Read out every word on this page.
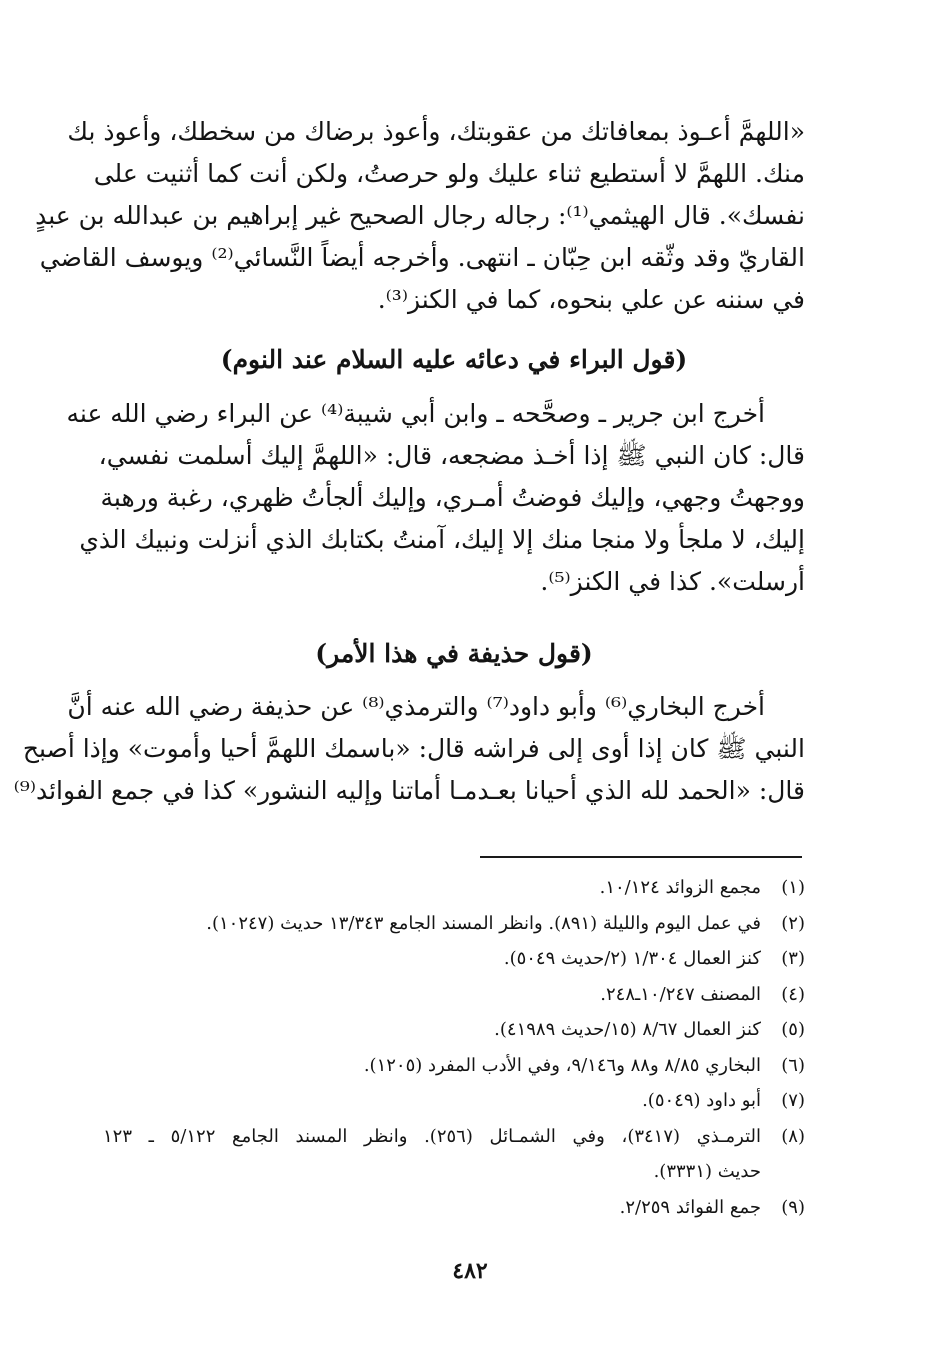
«اللهمَّ أعـوذ بمعافاتك من عقوبتك، وأعوذ برضاك من سخطك، وأعوذ بك
منك. اللهمَّ لا أستطيع ثناء عليك ولو حرصتُ، ولكن أنت كما أثنيت على
نفسك». قال الهيثمي⁽¹⁾: رجاله رجال الصحيح غير إبراهيم بن عبدالله بن عبدٍ
القاريّ وقد وثّقه ابن حِبّان ـ انتهى. وأخرجه أيضاً النَّسائي⁽²⁾ ويوسف القاضي
في سننه عن علي بنحوه، كما في الكنز⁽³⁾.
(قول البراء في دعائه عليه السلام عند النوم)
أخرج ابن جرير ـ وصحَّحه ـ وابن أبي شيبة⁽⁴⁾ عن البراء رضي الله عنه
قال: كان النبي ﷺ إذا أخـذ مضجعه، قال: «اللهمَّ إليك أسلمت نفسي،
ووجهتُ وجهي، وإليك فوضتُ أمـري، وإليك ألجأتُ ظهري، رغبة ورهبة
إليك، لا ملجأ ولا منجا منك إلا إليك، آمنتُ بكتابك الذي أنزلت ونبيك الذي
أرسلت». كذا في الكنز⁽⁵⁾.
(قول حذيفة في هذا الأمر)
أخرج البخاري⁽⁶⁾ وأبو داود⁽⁷⁾ والترمذي⁽⁸⁾ عن حذيفة رضي الله عنه أنَّ
النبي ﷺ كان إذا أوى إلى فراشه قال: «باسمك اللهمَّ أحيا وأموت» وإذا أصبح
قال: «الحمد لله الذي أحيانا بعـدمـا أماتنا وإليه النشور» كذا في جمع الفوائد⁽⁹⁾
(١)
مجمع الزوائد ١٠/١٢٤.
(٢)
في عمل اليوم والليلة (٨٩١). وانظر المسند الجامع ١٣/٣٤٣ حديث (١٠٢٤٧).
(٣)
كنز العمال ١/٣٠٤ (٢/حديث ٥٠٤٩).
(٤)
المصنف ١٠/٢٤٧ـ٢٤٨.
(٥)
كنز العمال ٨/٦٧ (١٥/حديث ٤١٩٨٩).
(٦)
البخاري ٨/٨٥ و٨٨ و٩/١٤٦، وفي الأدب المفرد (١٢٠٥).
(٧)
أبو داود (٥٠٤٩).
(٨)
الترمـذي (٣٤١٧)، وفي الشمـائل (٢٥٦). وانظر المسند الجامع ٥/١٢٢ ـ ١٢٣
حديث (٣٣٣١).
(٩)
جمع الفوائد ٢/٢٥٩.
٤٨٢
